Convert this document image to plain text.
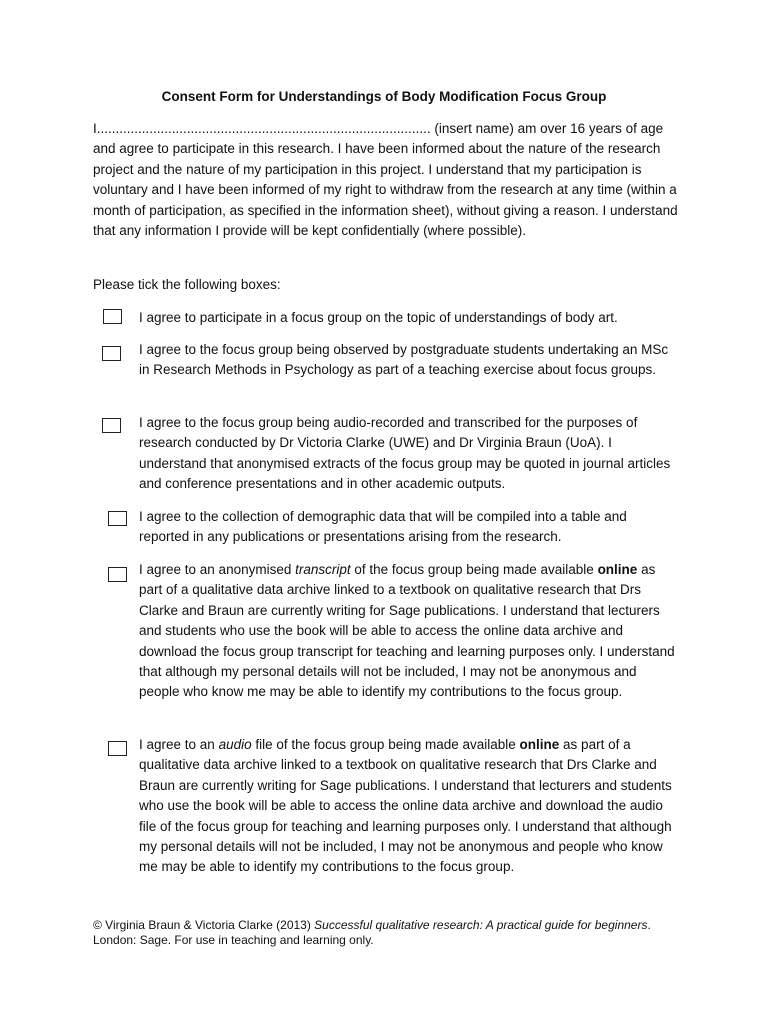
Consent Form for Understandings of Body Modification Focus Group

I......................................................................................... (insert name) am over 16 years of age and agree to participate in this research. I have been informed about the nature of the research project and the nature of my participation in this project. I understand that my participation is voluntary and I have been informed of my right to withdraw from the research at any time (within a month of participation, as specified in the information sheet), without giving a reason. I understand that any information I provide will be kept confidentially (where possible).

Please tick the following boxes:
I agree to participate in a focus group on the topic of understandings of body art.
I agree to the focus group being observed by postgraduate students undertaking an MSc in Research Methods in Psychology as part of a teaching exercise about focus groups.
I agree to the focus group being audio-recorded and transcribed for the purposes of research conducted by Dr Victoria Clarke (UWE) and Dr Virginia Braun (UoA). I understand that anonymised extracts of the focus group may be quoted in journal articles and conference presentations and in other academic outputs.
I agree to the collection of demographic data that will be compiled into a table and reported in any publications or presentations arising from the research.
I agree to an anonymised transcript of the focus group being made available online as part of a qualitative data archive linked to a textbook on qualitative research that Drs Clarke and Braun are currently writing for Sage publications. I understand that lecturers and students who use the book will be able to access the online data archive and download the focus group transcript for teaching and learning purposes only. I understand that although my personal details will not be included, I may not be anonymous and people who know me may be able to identify my contributions to the focus group.
I agree to an audio file of the focus group being made available online as part of a qualitative data archive linked to a textbook on qualitative research that Drs Clarke and Braun are currently writing for Sage publications. I understand that lecturers and students who use the book will be able to access the online data archive and download the audio file of the focus group for teaching and learning purposes only. I understand that although my personal details will not be included, I may not be anonymous and people who know me may be able to identify my contributions to the focus group.
© Virginia Braun & Victoria Clarke (2013) Successful qualitative research: A practical guide for beginners. London: Sage. For use in teaching and learning only.
